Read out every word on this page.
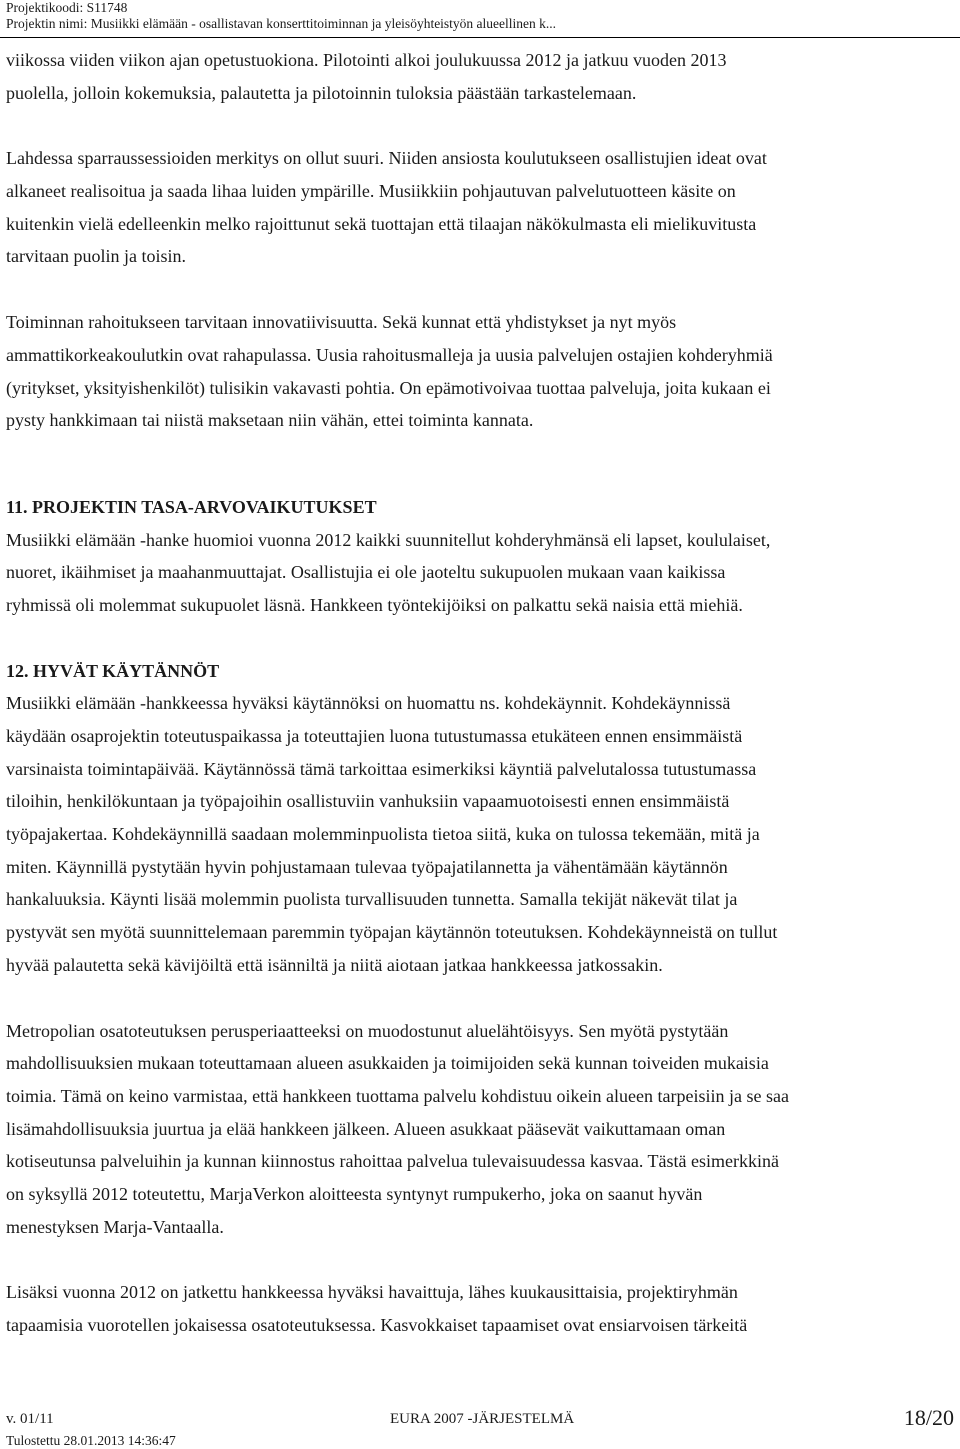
Projektikoodi: S11748
Projektin nimi: Musiikki elämään - osallistavan konserttitoiminnan ja yleisöyhteistyön alueellinen k...
viikossa viiden viikon ajan opetustuokiona. Pilotointi alkoi joulukuussa 2012 ja jatkuu vuoden 2013
puolella, jolloin kokemuksia, palautetta ja pilotoinnin tuloksia päästään tarkastelemaan.
Lahdessa sparraussessioiden merkitys on ollut suuri. Niiden ansiosta koulutukseen osallistujien ideat ovat
alkaneet realisoitua ja saada lihaa luiden ympärille. Musiikkiin pohjautuvan palvelutuotteen käsite on
kuitenkin vielä edelleenkin melko rajoittunut sekä tuottajan että tilaajan näkökulmasta eli mielikuvitusta
tarvitaan puolin ja toisin.
Toiminnan rahoitukseen tarvitaan innovatiivisuutta. Sekä kunnat että yhdistykset ja nyt myös
ammattikorkeakoulutkin ovat rahapulassa. Uusia rahoitusmalleja ja uusia palvelujen ostajien kohderyhmiä
(yritykset, yksityishenkilöt) tulisikin vakavasti pohtia. On epämotivoivaa tuottaa palveluja, joita kukaan ei
pysty hankkimaan tai niistä maksetaan niin vähän, ettei toiminta kannata.
11. PROJEKTIN TASA-ARVOVAIKUTUKSET
Musiikki elämään -hanke huomioi vuonna 2012 kaikki suunnitellut kohderyhmänsä eli lapset, koululaiset,
nuoret, ikäihmiset ja maahanmuuttajat. Osallistujia ei ole jaoteltu sukupuolen mukaan vaan kaikissa
ryhmissä oli molemmat sukupuolet läsnä. Hankkeen työntekijöiksi on palkattu sekä naisia että miehiä.
12. HYVÄT KÄYTÄNNÖT
Musiikki elämään -hankkeessa hyväksi käytännöksi on huomattu ns. kohdekäynnit. Kohdekäynnissä
käydään osaprojektin toteutuspaikassa ja toteuttajien luona tutustumassa etukäteen ennen ensimmäistä
varsinaista toimintapäivää. Käytännössä tämä tarkoittaa esimerkiksi käyntiä palvelutalossa tutustumassa
tiloihin, henkilökuntaan ja työpajoihin osallistuviin vanhuksiin vapaamuotoisesti ennen ensimmäistä
työpajakertaa. Kohdekäynnillä saadaan molemminpuolista tietoa siitä, kuka on tulossa tekemään, mitä ja
miten. Käynnillä pystytään hyvin pohjustamaan tulevaa työpajatilannetta ja vähentämään käytännön
hankaluuksia. Käynti lisää molemmin puolista turvallisuuden tunnetta. Samalla tekijät näkevät tilat ja
pystyvät sen myötä suunnittelemaan paremmin työpajan käytännön toteutuksen. Kohdekäynneistä on tullut
hyvää palautetta sekä kävijöiltä että isänniltä ja niitä aiotaan jatkaa hankkeessa jatkossakin.
Metropolian osatoteutuksen perusperiaatteeksi on muodostunut aluelähtöisyys. Sen myötä pystytään
mahdollisuuksien mukaan toteuttamaan alueen asukkaiden ja toimijoiden sekä kunnan toiveiden mukaisia
toimia. Tämä on keino varmistaa, että hankkeen tuottama palvelu kohdistuu oikein alueen tarpeisiin ja se saa
lisämahdollisuuksia juurtua ja elää hankkeen jälkeen. Alueen asukkaat pääsevät vaikuttamaan oman
kotiseutunsa palveluihin ja kunnan kiinnostus rahoittaa palvelua tulevaisuudessa kasvaa. Tästä esimerkkinä
on syksyllä 2012 toteutettu, MarjaVerkon aloitteesta syntynyt rumpukerho, joka on saanut hyvän
menestyksen Marja-Vantaalla.
Lisäksi vuonna 2012 on jatkettu hankkeessa hyväksi havaittuja, lähes kuukausittaisia, projektiryhmän
tapaamisia vuorotellen jokaisessa osatoteutuksessa. Kasvokkaiset tapaamiset ovat ensiarvoisen tärkeitä
v. 01/11	EURA 2007 -JÄRJESTELMÄ	18/20
Tulostettu 28.01.2013 14:36:47
